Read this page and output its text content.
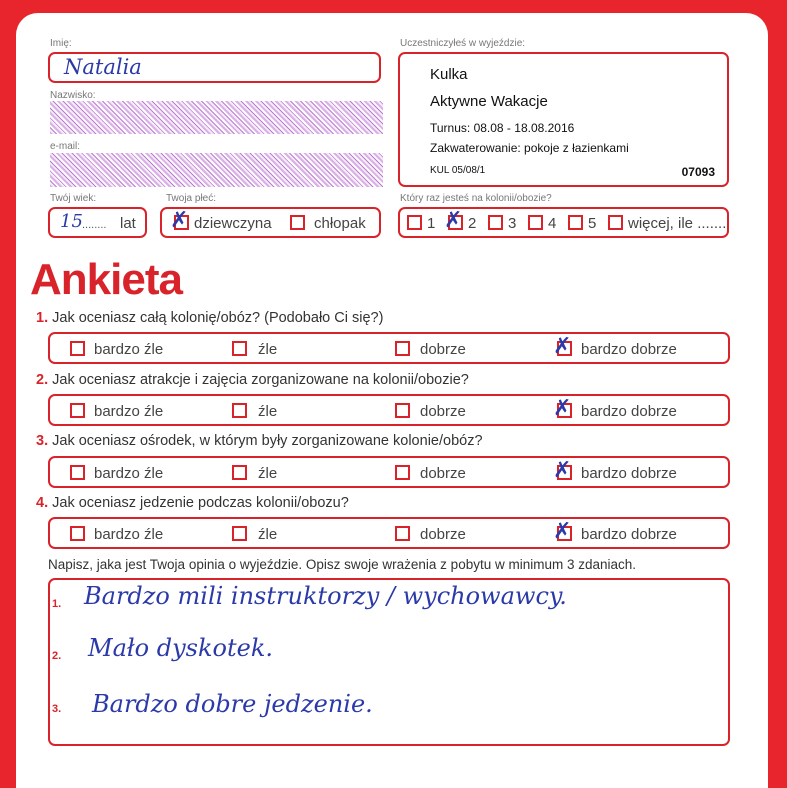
Imię:
Natalia
Nazwisko:
e-mail:
Uczestniczyłeś w wyjeździe:
Kulka
Aktywne Wakacje
Turnus: 08.08 - 18.08.2016
Zakwaterowanie: pokoje z łazienkami
KUL 05/08/1	07093
Twój wiek:
15 ........ lat
Twoja płeć:
✗ dziewczyna	chłopak
Który raz jesteś na kolonii/obozie?
1 ✗ 2 3 4 5 więcej, ile .......
Ankieta
1. Jak oceniasz całą kolonię/obóz? (Podobało Ci się?)
bardzo źle	źle	dobrze	✗ bardzo dobrze
2. Jak oceniasz atrakcje i zajęcia zorganizowane na kolonii/obozie?
bardzo źle	źle	dobrze	✗ bardzo dobrze
3. Jak oceniasz ośrodek, w którym były zorganizowane kolonie/obóz?
bardzo źle	źle	dobrze	✗ bardzo dobrze
4. Jak oceniasz jedzenie podczas kolonii/obozu?
bardzo źle	źle	dobrze	✗ bardzo dobrze
Napisz, jaka jest Twoja opinia o wyjeździe. Opisz swoje wrażenia z pobytu w minimum 3 zdaniach.
1. Bardzo mili instruktorzy / wychowawcy.
2. Mało dyskotek.
3. Bardzo dobre jedzenie.
